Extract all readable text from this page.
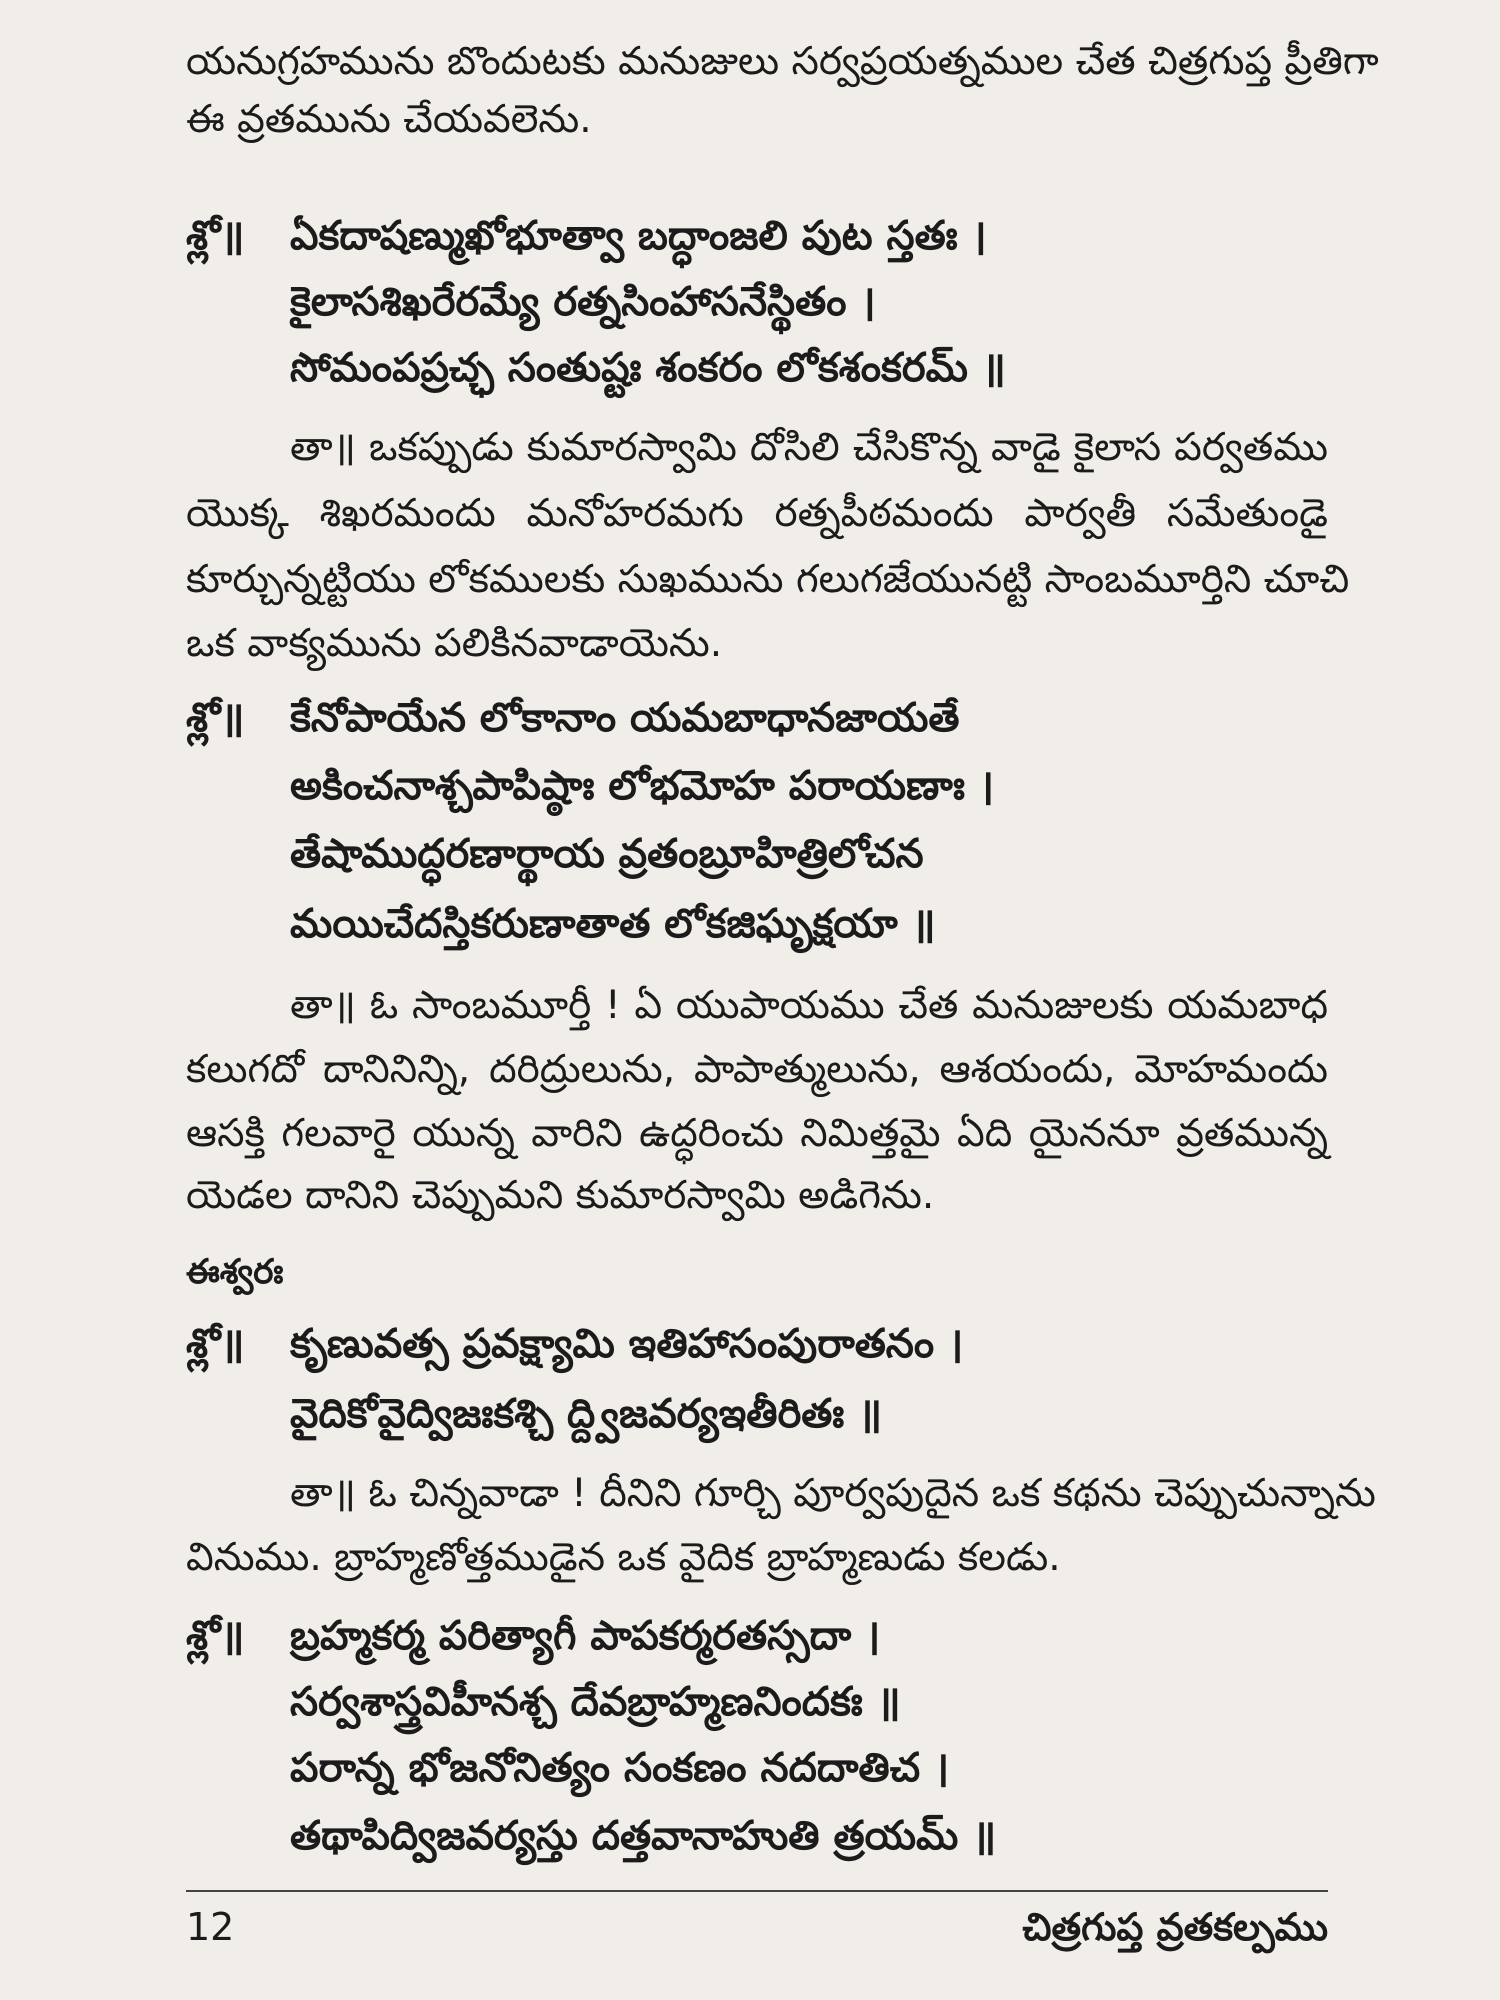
యనుగ్రహమును బొందుటకు మనుజులు సర్వప్రయత్నముల చేత చిత్రగుప్త ప్రీతిగా
ఈ వ్రతమును చేయవలెను.
శ్లో॥ ఏకదాషణ్ముఖోభూత్వా బద్ధాంజలి పుట స్తతః ।
కైలాసశిఖరేరమ్యే రత్నసింహాసనేస్థితం ।
సోమంపప్రచ్ఛ సంతుష్టః శంకరం లోకశంకరమ్ ॥
తా॥ ఒకప్పుడు కుమారస్వామి దోసిలి చేసికొన్న వాడై కైలాస పర్వతము
యొక్క శిఖరమందు మనోహరమగు రత్నపీఠమందు పార్వతీ సమేతుండై
కూర్చున్నట్టియు లోకములకు సుఖమును గలుగజేయునట్టి సాంబమూర్తిని చూచి
ఒక వాక్యమును పలికినవాడాయెను.
శ్లో॥ కేనోపాయేన లోకానాం యమబాధానజాయతే
అకించనాశ్చపాపిష్ఠాః లోభమోహ పరాయణాః ।
తేషాముద్ధరణార్థాయ వ్రతంబ్రూహిత్రిలోచన
మయిచేదస్తికరుణాతాత లోకజిఘృక్షయా ॥
తా॥ ఓ సాంబమూర్తీ ! ఏ యుపాయము చేత మనుజులకు యమబాధ
కలుగదో దానినిన్ని, దరిద్రులును, పాపాత్ములును, ఆశయందు, మోహమందు
ఆసక్తి గలవారై యున్న వారిని ఉద్ధరించు నిమిత్తమై ఏది యైననూ వ్రతమున్న
యెడల దానిని చెప్పుమని కుమారస్వామి అడిగెను.
ఈశ్వరః
శ్లో॥ కృణువత్స ప్రవక్ష్యామి ఇతిహాసంపురాతనం ।
వైదికోవైద్విజఃకశ్చి ద్ద్విజవర్యఇతీరితః ॥
తా॥ ఓ చిన్నవాడా ! దీనిని గూర్చి పూర్వపుదైన ఒక కథను చెప్పుచున్నాను
వినుము. బ్రాహ్మణోత్తముడైన ఒక వైదిక బ్రాహ్మణుడు కలడు.
శ్లో॥ బ్రహ్మకర్మ పరిత్యాగీ పాపకర్మరతస్సదా ।
సర్వశాస్త్రవిహీనశ్చ దేవబ్రాహ్మణనిందకః ॥
పరాన్న భోజనోనిత్యం సంకణం నదదాతిచ ।
తథాపిద్విజవర్యస్తు దత్తవానాహుతి త్రయమ్ ॥
12	చిత్రగుప్త వ్రతకల్పము
